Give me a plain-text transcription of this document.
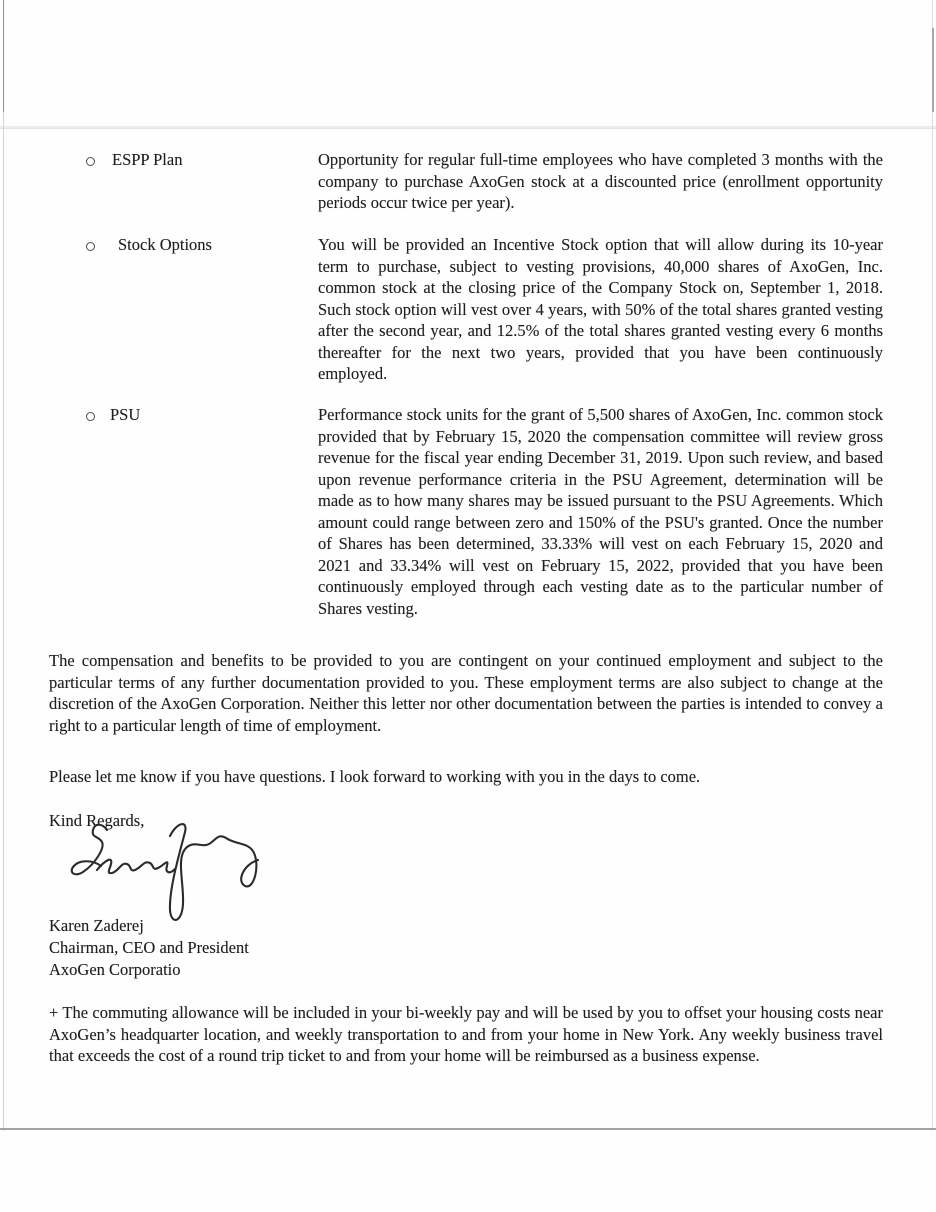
ESPP Plan	Opportunity for regular full-time employees who have completed 3 months with the company to purchase AxoGen stock at a discounted price (enrollment opportunity periods occur twice per year).
Stock Options	You will be provided an Incentive Stock option that will allow during its 10-year term to purchase, subject to vesting provisions, 40,000 shares of AxoGen, Inc. common stock at the closing price of the Company Stock on, September 1, 2018. Such stock option will vest over 4 years, with 50% of the total shares granted vesting after the second year, and 12.5% of the total shares granted vesting every 6 months thereafter for the next two years, provided that you have been continuously employed.
PSU	Performance stock units for the grant of 5,500 shares of AxoGen, Inc. common stock provided that by February 15, 2020 the compensation committee will review gross revenue for the fiscal year ending December 31, 2019. Upon such review, and based upon revenue performance criteria in the PSU Agreement, determination will be made as to how many shares may be issued pursuant to the PSU Agreements. Which amount could range between zero and 150% of the PSU's granted. Once the number of Shares has been determined, 33.33% will vest on each February 15, 2020 and 2021 and 33.34% will vest on February 15, 2022, provided that you have been continuously employed through each vesting date as to the particular number of Shares vesting.
The compensation and benefits to be provided to you are contingent on your continued employment and subject to the particular terms of any further documentation provided to you. These employment terms are also subject to change at the discretion of the AxoGen Corporation. Neither this letter nor other documentation between the parties is intended to convey a right to a particular length of time of employment.
Please let me know if you have questions. I look forward to working with you in the days to come.
Kind Regards,
Karen Zaderej
Chairman, CEO and President
AxoGen Corporatio
+ The commuting allowance will be included in your bi-weekly pay and will be used by you to offset your housing costs near AxoGen’s headquarter location, and weekly transportation to and from your home in New York. Any weekly business travel that exceeds the cost of a round trip ticket to and from your home will be reimbursed as a business expense.
